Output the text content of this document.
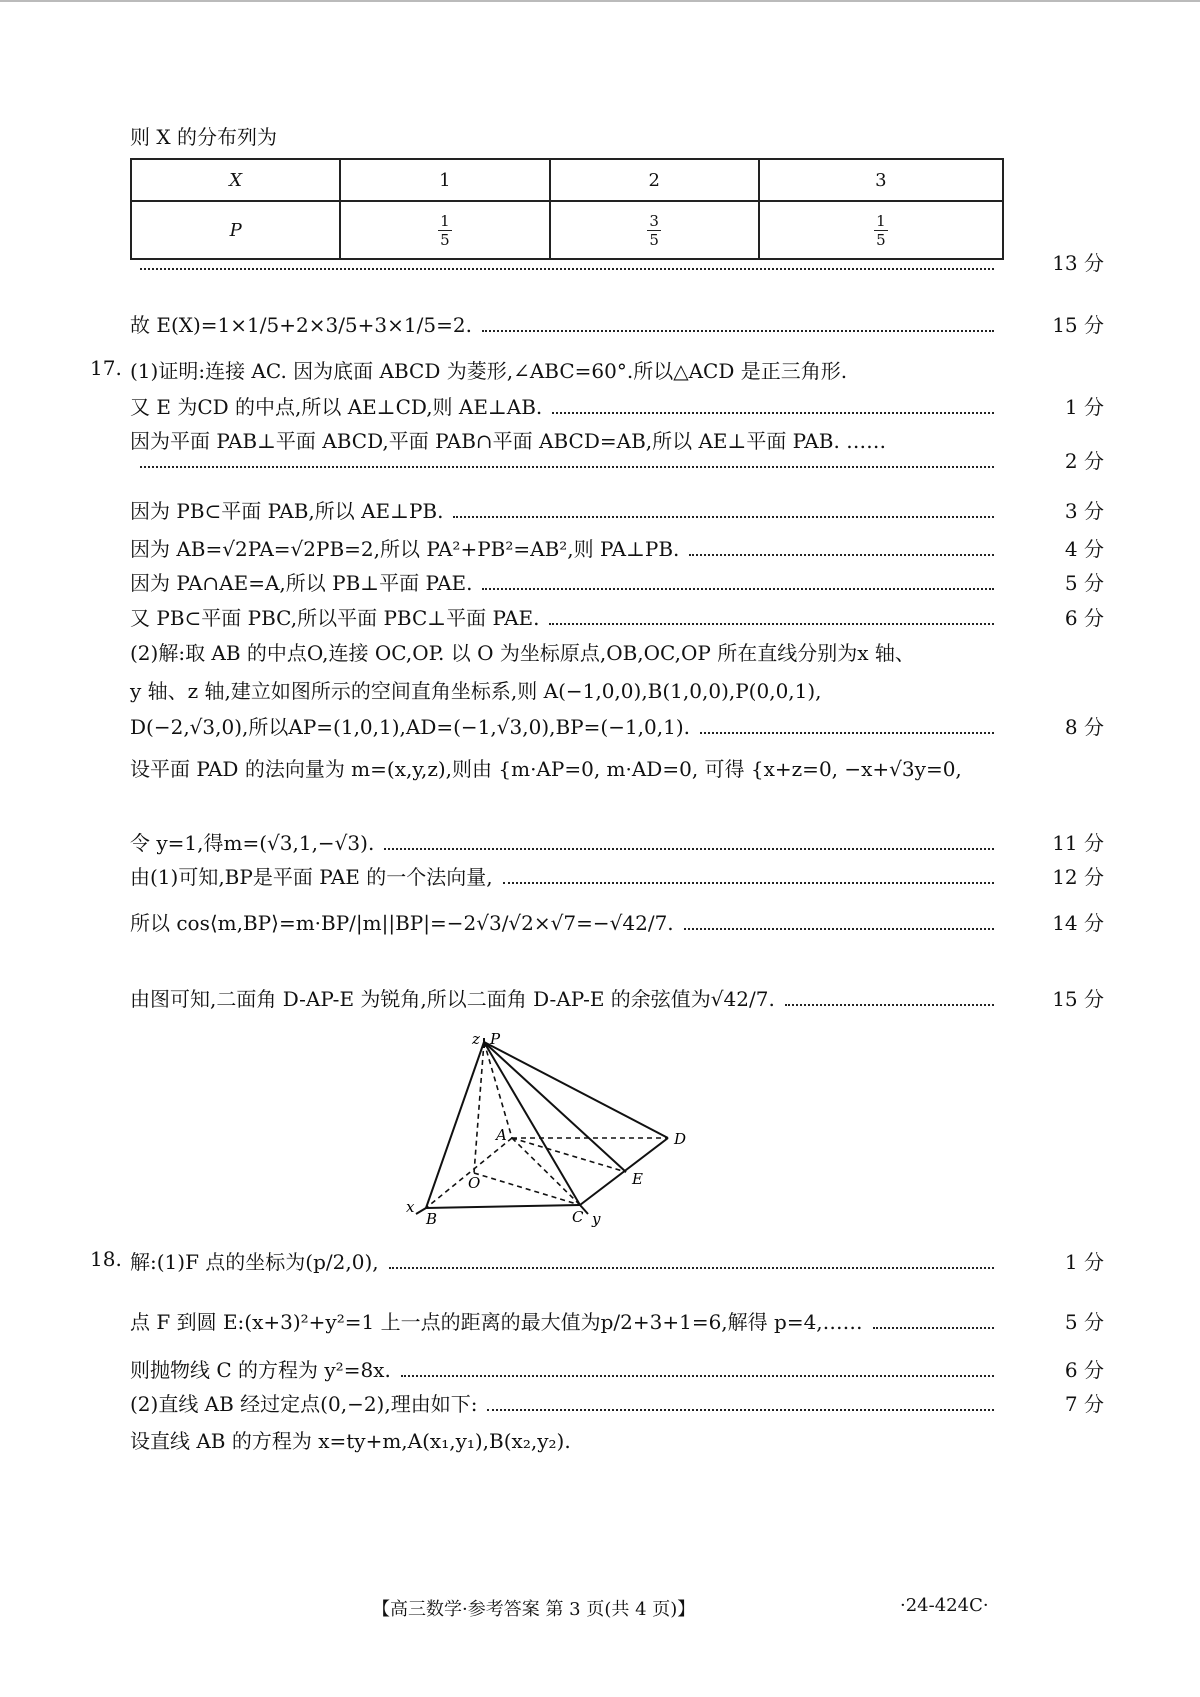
则 X 的分布列为
X	1	2	3
P	$\frac{1}{5}$	$\frac{3}{5}$	$\frac{1}{5}$
13 分
故 E(X)=1×1/5+2×3/5+3×1/5=2.	15 分
(1)证明:连接 AC. 因为底面 ABCD 为菱形,∠ABC=60°.所以△ACD 是正三角形.
又 E 为CD 的中点,所以 AE⊥CD,则 AE⊥AB.	1 分
因为平面 PAB⊥平面 ABCD,平面 PAB∩平面 ABCD=AB,所以 AE⊥平面 PAB. ……
2 分
因为 PB⊂平面 PAB,所以 AE⊥PB.	3 分
因为 AB=√2PA=√2PB=2,所以 PA²+PB²=AB²,则 PA⊥PB.	4 分
因为 PA∩AE=A,所以 PB⊥平面 PAE.	5 分
又 PB⊂平面 PBC,所以平面 PBC⊥平面 PAE.	6 分
(2)解:取 AB 的中点O,连接 OC,OP. 以 O 为坐标原点,OB,OC,OP 所在直线分别为x 轴、
y 轴、z 轴,建立如图所示的空间直角坐标系,则 A(−1,0,0),B(1,0,0),P(0,0,1),
D(−2,√3,0),所以AP=(1,0,1),AD=(−1,√3,0),BP=(−1,0,1).	8 分
设平面 PAD 的法向量为 m=(x,y,z),则由 {m·AP=0, m·AD=0, 可得 {x+z=0, −x+√3y=0,
令 y=1,得m=(√3,1,−√3).	11 分
由(1)可知,BP是平面 PAE 的一个法向量,	12 分
所以 cos⟨m,BP⟩=m·BP/|m||BP|=−2√3/√2×√7=−√42/7.	14 分
由图可知,二面角 D-AP-E 为锐角,所以二面角 D-AP-E 的余弦值为√42/7.	15 分
解:(1)F 点的坐标为(p/2,0),	1 分
点 F 到圆 E:(x+3)²+y²=1 上一点的距离的最大值为p/2+3+1=6,解得 p=4,……	5 分
则抛物线 C 的方程为 y²=8x.	6 分
(2)直线 AB 经过定点(0,−2),理由如下:	7 分
设直线 AB 的方程为 x=ty+m,A(x₁,y₁),B(x₂,y₂).
17.
18.
z P
A	D
O	E
x
B	C y
【高三数学·参考答案 第 3 页(共 4 页)】	·24-424C·
